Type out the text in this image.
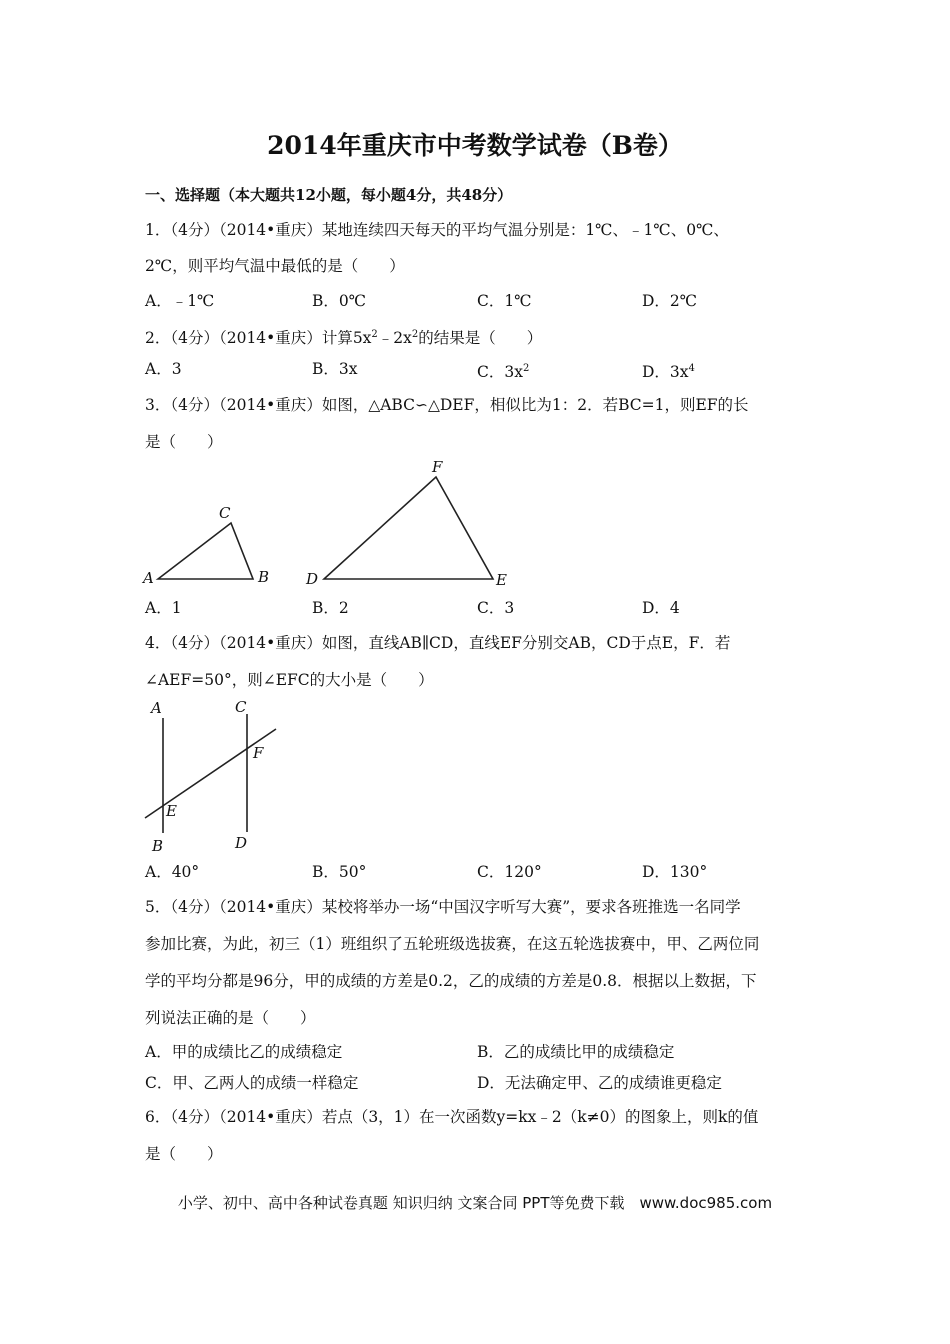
2014年重庆市中考数学试卷（B卷）
一、选择题（本大题共12小题，每小题4分，共48分）
1．（4分）（2014•重庆）某地连续四天每天的平均气温分别是：1℃、﹣1℃、0℃、
2℃，则平均气温中最低的是（　　）
A．﹣1℃	B．0℃	C．1℃	D．2℃
2．（4分）（2014•重庆）计算$5x^2﹣2x^2$的结果是（　　）
A．3	B．3x	C．$3x^2$	D．$3x^4$
3．（4分）（2014•重庆）如图，△ABC∽△DEF，相似比为1：2．若BC=1，则EF的长
是（　　）
A	B
C
D	E
F
A
B
C
D
E
F
A．1	B．2	C．3	D．4
4．（4分）（2014•重庆）如图，直线AB∥CD，直线EF分别交AB，CD于点E，F．若
∠AEF=50°，则∠EFC的大小是（　　）
A．40°	B．50°	C．120°	D．130°
5．（4分）（2014•重庆）某校将举办一场“中国汉字听写大赛”，要求各班推选一名同学
参加比赛，为此，初三（1）班组织了五轮班级选拔赛，在这五轮选拔赛中，甲、乙两位同
学的平均分都是96分，甲的成绩的方差是0.2，乙的成绩的方差是0.8．根据以上数据，下
列说法正确的是（　　）
A．甲的成绩比乙的成绩稳定	B．乙的成绩比甲的成绩稳定
C．甲、乙两人的成绩一样稳定	D．无法确定甲、乙的成绩谁更稳定
6．（4分）（2014•重庆）若点（3，1）在一次函数y=kx﹣2（k≠0）的图象上，则k的值
是（　　）
小学、初中、高中各种试卷真题 知识归纳 文案合同 PPT等免费下载　www.doc985.com
